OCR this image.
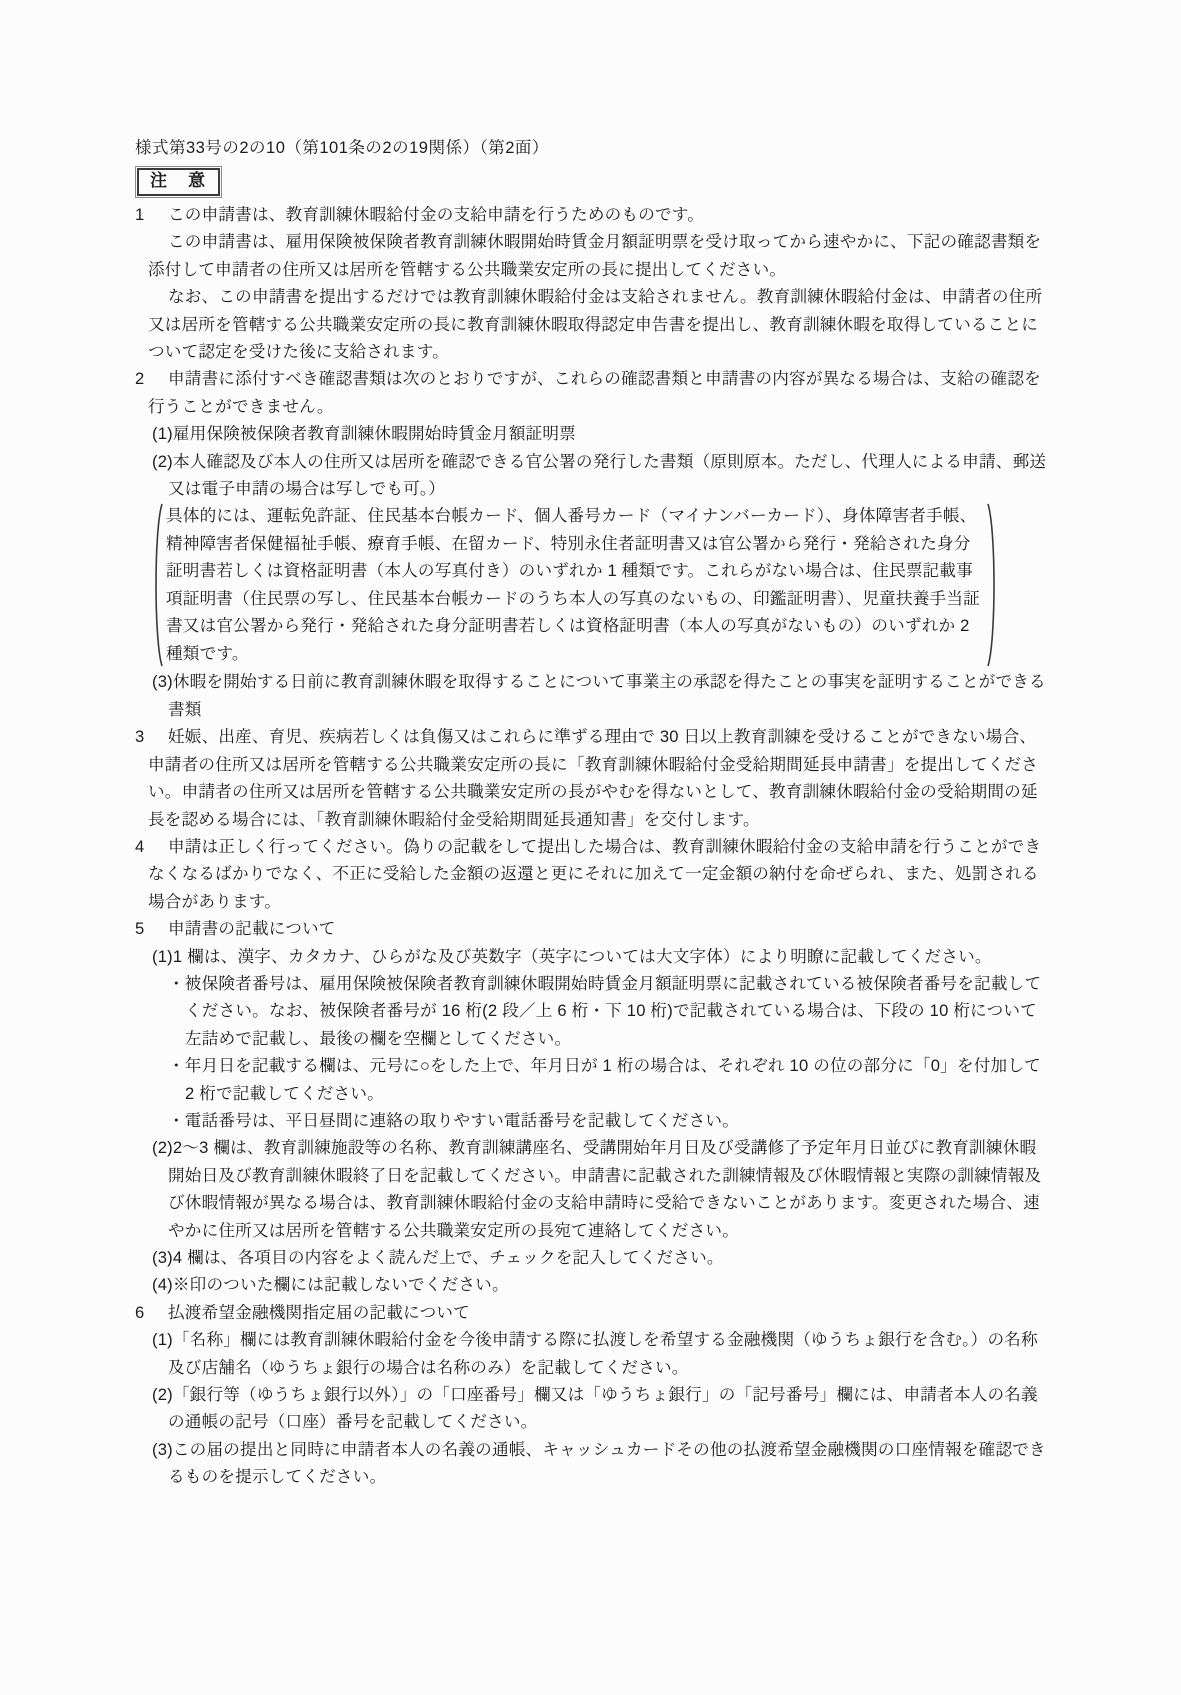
様式第33号の2の10（第101条の2の19関係）（第2面）

注　意

1 この申請書は、教育訓練休暇給付金の支給申請を行うためのものです。

この申請書は、雇用保険被保険者教育訓練休暇開始時賃金月額証明票を受け取ってから速やかに、下記の確認書類を添付して申請者の住所又は居所を管轄する公共職業安定所の長に提出してください。

なお、この申請書を提出するだけでは教育訓練休暇給付金は支給されません。教育訓練休暇給付金は、申請者の住所又は居所を管轄する公共職業安定所の長に教育訓練休暇取得認定申告書を提出し、教育訓練休暇を取得していることについて認定を受けた後に支給されます。

2 申請書に添付すべき確認書類は次のとおりですが、これらの確認書類と申請書の内容が異なる場合は、支給の確認を行うことができません。

(1)雇用保険被保険者教育訓練休暇開始時賃金月額証明票

(2)本人確認及び本人の住所又は居所を確認できる官公署の発行した書類（原則原本。ただし、代理人による申請、郵送又は電子申請の場合は写しでも可。）

具体的には、運転免許証、住民基本台帳カード、個人番号カード（マイナンバーカード）、身体障害者手帳、精神障害者保健福祉手帳、療育手帳、在留カード、特別永住者証明書又は官公署から発行・発給された身分証明書若しくは資格証明書（本人の写真付き）のいずれか 1 種類です。これらがない場合は、住民票記載事項証明書（住民票の写し、住民基本台帳カードのうち本人の写真のないもの、印鑑証明書）、児童扶養手当証書又は官公署から発行・発給された身分証明書若しくは資格証明書（本人の写真がないもの）のいずれか 2 種類です。

(3)休暇を開始する日前に教育訓練休暇を取得することについて事業主の承認を得たことの事実を証明することができる書類

3 妊娠、出産、育児、疾病若しくは負傷又はこれらに準ずる理由で 30 日以上教育訓練を受けることができない場合、申請者の住所又は居所を管轄する公共職業安定所の長に「教育訓練休暇給付金受給期間延長申請書」を提出してください。申請者の住所又は居所を管轄する公共職業安定所の長がやむを得ないとして、教育訓練休暇給付金の受給期間の延長を認める場合には、「教育訓練休暇給付金受給期間延長通知書」を交付します。

4 申請は正しく行ってください。偽りの記載をして提出した場合は、教育訓練休暇給付金の支給申請を行うことができなくなるばかりでなく、不正に受給した金額の返還と更にそれに加えて一定金額の納付を命ぜられ、また、処罰される場合があります。

5 申請書の記載について

(1)1 欄は、漢字、カタカナ、ひらがな及び英数字（英字については大文字体）により明瞭に記載してください。

・被保険者番号は、雇用保険被保険者教育訓練休暇開始時賃金月額証明票に記載されている被保険者番号を記載してください。なお、被保険者番号が 16 桁(2 段／上 6 桁・下 10 桁)で記載されている場合は、下段の 10 桁について左詰めで記載し、最後の欄を空欄としてください。

・年月日を記載する欄は、元号に○をした上で、年月日が 1 桁の場合は、それぞれ 10 の位の部分に「0」を付加して 2 桁で記載してください。

・電話番号は、平日昼間に連絡の取りやすい電話番号を記載してください。

(2)2～3 欄は、教育訓練施設等の名称、教育訓練講座名、受講開始年月日及び受講修了予定年月日並びに教育訓練休暇開始日及び教育訓練休暇終了日を記載してください。申請書に記載された訓練情報及び休暇情報と実際の訓練情報及び休暇情報が異なる場合は、教育訓練休暇給付金の支給申請時に受給できないことがあります。変更された場合、速やかに住所又は居所を管轄する公共職業安定所の長宛て連絡してください。

(3)4 欄は、各項目の内容をよく読んだ上で、チェックを記入してください。

(4)※印のついた欄には記載しないでください。

6 払渡希望金融機関指定届の記載について

(1)「名称」欄には教育訓練休暇給付金を今後申請する際に払渡しを希望する金融機関（ゆうちょ銀行を含む。）の名称及び店舗名（ゆうちょ銀行の場合は名称のみ）を記載してください。

(2)「銀行等（ゆうちょ銀行以外）」の「口座番号」欄又は「ゆうちょ銀行」の「記号番号」欄には、申請者本人の名義の通帳の記号（口座）番号を記載してください。

(3)この届の提出と同時に申請者本人の名義の通帳、キャッシュカードその他の払渡希望金融機関の口座情報を確認できるものを提示してください。
